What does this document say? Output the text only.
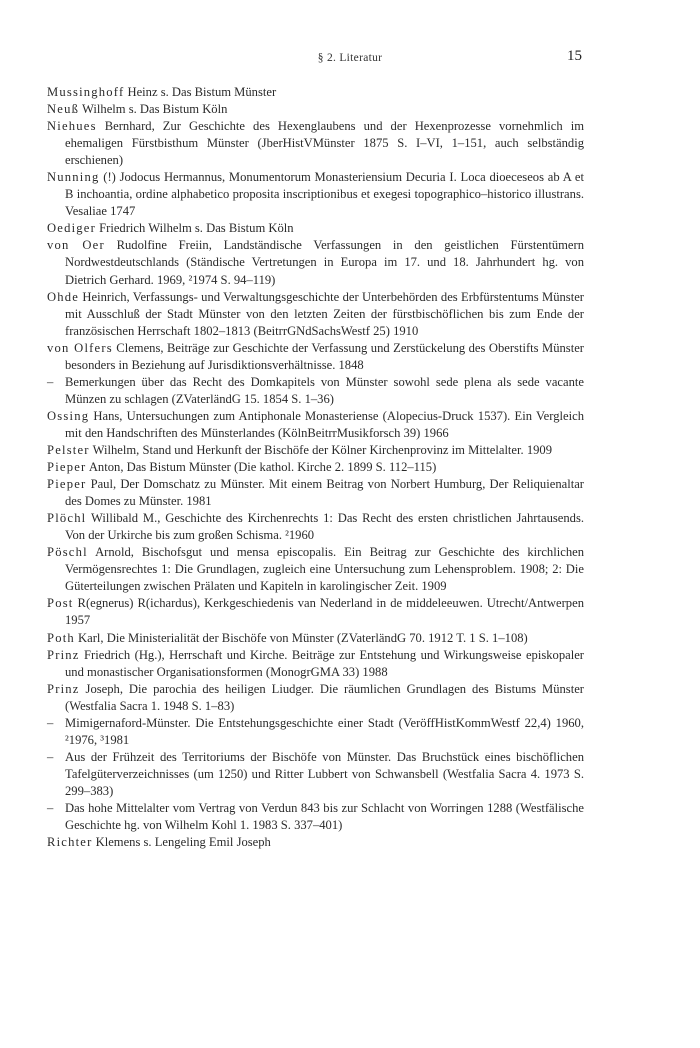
§ 2. Literatur	15

Mussinghoff Heinz s. Das Bistum Münster

Neuß Wilhelm s. Das Bistum Köln

Niehues Bernhard, Zur Geschichte des Hexenglaubens und der Hexenprozesse vornehmlich im ehemaligen Fürstbisthum Münster (JberHistVMünster 1875 S. I–VI, 1–151, auch selbständig erschienen)

Nunning (!) Jodocus Hermannus, Monumentorum Monasteriensium Decuria I. Loca dioeceseos ab A et B inchoantia, ordine alphabetico proposita inscriptionibus et exegesi topographico–historico illustrans. Vesaliae 1747

Oediger Friedrich Wilhelm s. Das Bistum Köln

von Oer Rudolfine Freiin, Landständische Verfassungen in den geistlichen Fürstentümern Nordwestdeutschlands (Ständische Vertretungen in Europa im 17. und 18. Jahrhundert hg. von Dietrich Gerhard. 1969, ²1974 S. 94–119)

Ohde Heinrich, Verfassungs- und Verwaltungsgeschichte der Unterbehörden des Erbfürstentums Münster mit Ausschluß der Stadt Münster von den letzten Zeiten der fürstbischöflichen bis zum Ende der französischen Herrschaft 1802–1813 (BeitrrGNdSachsWestf 25) 1910

von Olfers Clemens, Beiträge zur Geschichte der Verfassung und Zerstückelung des Oberstifts Münster besonders in Beziehung auf Jurisdiktionsverhältnisse. 1848

– Bemerkungen über das Recht des Domkapitels von Münster sowohl sede plena als sede vacante Münzen zu schlagen (ZVaterländG 15. 1854 S. 1–36)

Ossing Hans, Untersuchungen zum Antiphonale Monasteriense (Alopecius-Druck 1537). Ein Vergleich mit den Handschriften des Münsterlandes (KölnBeitrrMusikforsch 39) 1966

Pelster Wilhelm, Stand und Herkunft der Bischöfe der Kölner Kirchenprovinz im Mittelalter. 1909

Pieper Anton, Das Bistum Münster (Die kathol. Kirche 2. 1899 S. 112–115)

Pieper Paul, Der Domschatz zu Münster. Mit einem Beitrag von Norbert Humburg, Der Reliquienaltar des Domes zu Münster. 1981

Plöchl Willibald M., Geschichte des Kirchenrechts 1: Das Recht des ersten christlichen Jahrtausends. Von der Urkirche bis zum großen Schisma. ²1960

Pöschl Arnold, Bischofsgut und mensa episcopalis. Ein Beitrag zur Geschichte des kirchlichen Vermögensrechtes 1: Die Grundlagen, zugleich eine Untersuchung zum Lehensproblem. 1908; 2: Die Güterteilungen zwischen Prälaten und Kapiteln in karolingischer Zeit. 1909

Post R(egnerus) R(ichardus), Kerkgeschiedenis van Nederland in de middeleeuwen. Utrecht/Antwerpen 1957

Poth Karl, Die Ministerialität der Bischöfe von Münster (ZVaterländG 70. 1912 T. 1 S. 1–108)

Prinz Friedrich (Hg.), Herrschaft und Kirche. Beiträge zur Entstehung und Wirkungsweise episkopaler und monastischer Organisationsformen (MonogrGMA 33) 1988

Prinz Joseph, Die parochia des heiligen Liudger. Die räumlichen Grundlagen des Bistums Münster (Westfalia Sacra 1. 1948 S. 1–83)

– Mimigernaford-Münster. Die Entstehungsgeschichte einer Stadt (VeröffHistKommWestf 22,4) 1960, ²1976, ³1981

– Aus der Frühzeit des Territoriums der Bischöfe von Münster. Das Bruchstück eines bischöflichen Tafelgüterverzeichnisses (um 1250) und Ritter Lubbert von Schwansbell (Westfalia Sacra 4. 1973 S. 299–383)

– Das hohe Mittelalter vom Vertrag von Verdun 843 bis zur Schlacht von Worringen 1288 (Westfälische Geschichte hg. von Wilhelm Kohl 1. 1983 S. 337–401)

Richter Klemens s. Lengeling Emil Joseph
